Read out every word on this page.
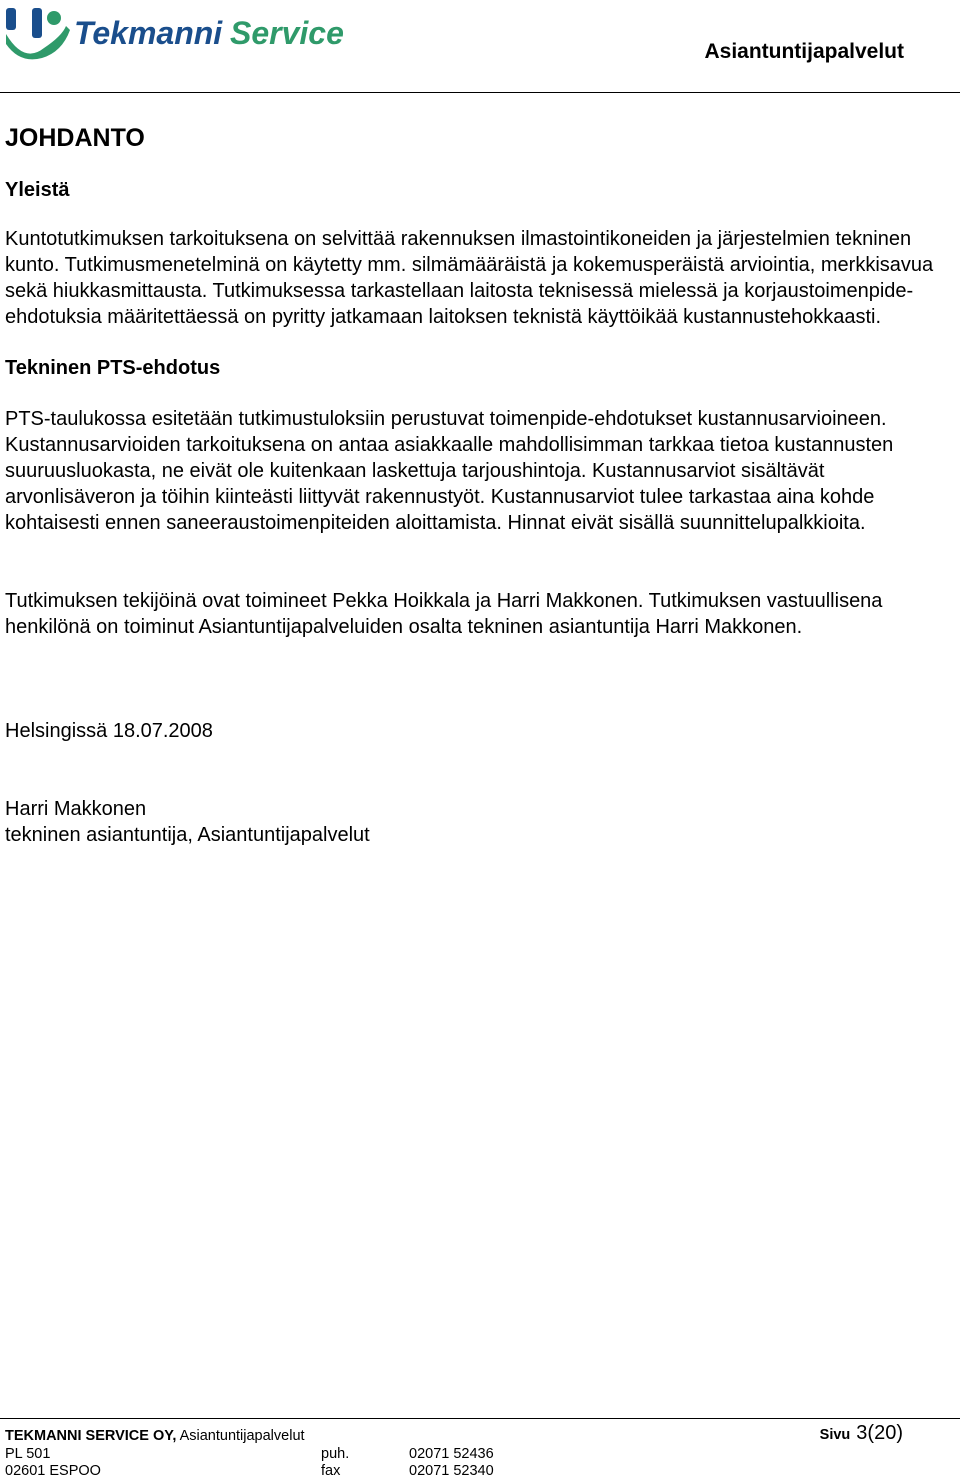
Tekmanni Service
Asiantuntijapalvelut
JOHDANTO
Yleistä

Kuntotutkimuksen tarkoituksena on selvittää rakennuksen ilmastointikoneiden ja järjestelmien tekninen kunto. Tutkimusmenetelminä on käytetty mm. silmämääräistä ja kokemusperäistä arviointia, merkkisavua sekä hiukkasmittausta. Tutkimuksessa tarkastellaan laitosta teknisessä mielessä ja korjaustoimenpide-ehdotuksia määritettäessä on pyritty jatkamaan laitoksen teknistä käyttöikää kustannustehokkaasti.

Tekninen PTS-ehdotus

PTS-taulukossa esitetään tutkimustuloksiin perustuvat toimenpide-ehdotukset kustannusarvioineen. Kustannusarvioiden tarkoituksena on antaa asiakkaalle mahdollisimman tarkkaa tietoa kustannusten suuruusluokasta, ne eivät ole kuitenkaan laskettuja tarjoushintoja. Kustannusarviot sisältävät arvonlisäveron ja töihin kiinteästi liittyvät rakennustyöt. Kustannusarviot tulee tarkastaa aina kohde kohtaisesti ennen saneeraustoimenpiteiden aloittamista. Hinnat eivät sisällä suunnittelupalkkioita.

Tutkimuksen tekijöinä ovat toimineet Pekka Hoikkala ja Harri Makkonen. Tutkimuksen vastuullisena henkilönä on toiminut Asiantuntijapalveluiden osalta tekninen asiantuntija Harri Makkonen.

Helsingissä 18.07.2008

Harri Makkonen

tekninen asiantuntija, Asiantuntijapalvelut

TEKMANNI SERVICE OY, Asiantuntijapalvelut	Sivu 3(20)
PL 501
02601 ESPOO
puh.
fax
02071 52436
02071 52340
